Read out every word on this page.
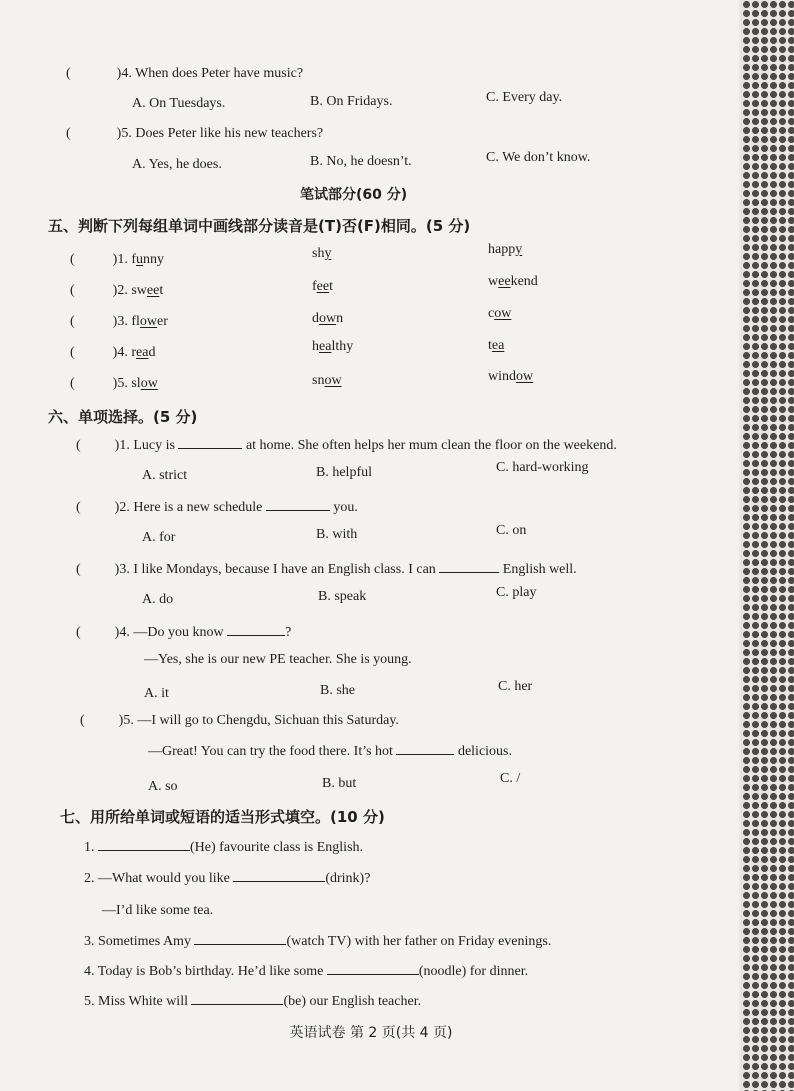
(	)4. When does Peter have music?
A. On Tuesdays.	B. On Fridays.	C. Every day.
(	)5. Does Peter like his new teachers?
A. Yes, he does.	B. No, he doesn’t.	C. We don’t know.
笔试部分(60 分)
五、判断下列每组单词中画线部分读音是(T)否(F)相同。(5 分)
(	)1. funny	shy	happy
(	)2. sweet	feet	weekend
(	)3. flower	down	cow
(	)4. read	healthy	tea
(	)5. slow	snow	window
六、单项选择。(5 分)
( )1. Lucy is	at home. She often helps her mum clean the floor on the weekend.
A. strict	B. helpful	C. hard-working
( )2. Here is a new schedule	you.
A. for	B. with	C. on
( )3. I like Mondays, because I have an English class. I can	English well.
A. do	B. speak	C. play
( )4. —Do you know	?
—Yes, she is our new PE teacher. She is young.
A. it	B. she	C. her
( )5. —I will go to Chengdu, Sichuan this Saturday.
—Great! You can try the food there. It’s hot	delicious.
A. so	B. but	C. /
七、用所给单词或短语的适当形式填空。(10 分)
1.	(He) favourite class is English.
2. —What would you like	(drink)?
—I’d like some tea.
3. Sometimes Amy	(watch TV) with her father on Friday evenings.
4. Today is Bob’s birthday. He’d like some	(noodle) for dinner.
5. Miss White will	(be) our English teacher.
英语试卷 第 2 页(共 4 页)
